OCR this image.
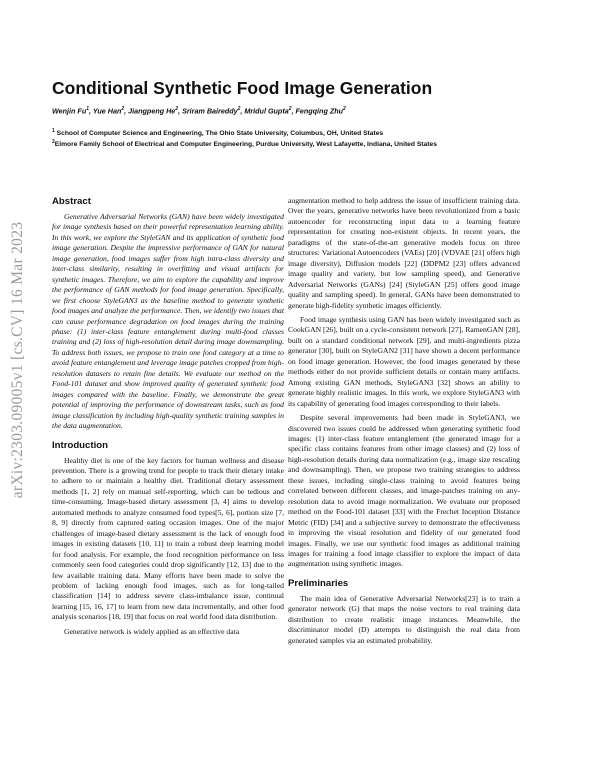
arXiv:2303.09005v1 [cs.CV] 16 Mar 2023
Conditional Synthetic Food Image Generation

Wenjin Fu$^1$, Yue Han$^2$, Jiangpeng He$^2$, Sriram Baireddy$^2$, Mridul Gupta$^2$, Fengqing Zhu$^2$

$^1$ School of Computer Science and Engineering, The Ohio State University, Columbus, OH, United States

$^2$Elmore Family School of Electrical and Computer Engineering, Purdue University, West Lafayette, Indiana, United States

Abstract

Generative Adversarial Networks (GAN) have been widely investigated for image synthesis based on their powerful representation learning ability. In this work, we explore the StyleGAN and its application of synthetic food image generation. Despite the impressive performance of GAN for natural image generation, food images suffer from high intra-class diversity and inter-class similarity, resulting in overfitting and visual artifacts for synthetic images. Therefore, we aim to explore the capability and improve the performance of GAN methods for food image generation. Specifically, we first choose StyleGAN3 as the baseline method to generate synthetic food images and analyze the performance. Then, we identify two issues that can cause performance degradation on food images during the training phase: (1) inter-class feature entanglement during multi-food classes training and (2) loss of high-resolution detail during image downsampling. To address both issues, we propose to train one food category at a time to avoid feature entanglement and leverage image patches cropped from high-resolution datasets to retain fine details. We evaluate our method on the Food-101 dataset and show improved quality of generated synthetic food images compared with the baseline. Finally, we demonstrate the great potential of improving the performance of downstream tasks, such as food image classification by including high-quality synthetic training samples in the data augmentation.

Introduction

Healthy diet is one of the key factors for human wellness and disease prevention. There is a growing trend for people to track their dietary intake to adhere to or maintain a healthy diet. Traditional dietary assessment methods [1, 2] rely on manual self-reporting, which can be tedious and time-consuming. Image-based dietary assessment [3, 4] aims to develop automated methods to analyze consumed food types[5, 6], portion size [7, 8, 9] directly from captured eating occasion images. One of the major challenges of image-based dietary assessment is the lack of enough food images in existing datasets [10, 11] to train a robust deep learning model for food analysis. For example, the food recognition performance on less commonly seen food categories could drop significantly [12, 13] due to the few available training data. Many efforts have been made to solve the problem of lacking enough food images, such as for long-tailed classification [14] to address severe class-imbalance issue, continual learning [15, 16, 17] to learn from new data incrementally, and other food analysis scenarios [18, 19] that focus on real world food data distribution.

Generative network is widely applied as an effective data

augmentation method to help address the issue of insufficient training data. Over the years, generative networks have been revolutionized from a basic autoencoder for reconstructing input data to a learning feature representation for creating non-existent objects. In recent years, the paradigms of the state-of-the-art generative models focus on three structures: Variational Autoencoders (VAEs) [20] (VDVAE [21] offers high image diversity), Diffusion models [22] (DDPM2 [23] offers advanced image quality and variety, but low sampling speed), and Generative Adversarial Networks (GANs) [24] (StyleGAN [25] offers good image quality and sampling speed). In general, GANs have been demonstrated to generate high-fidelity synthetic images efficiently.

Food image synthesis using GAN has been widely investigated such as CookGAN [26], built on a cycle-consistent network [27], RamenGAN [28], built on a standard conditional network [29], and multi-ingredients pizza generator [30], built on StyleGAN2 [31] have shown a decent performance on food image generation. However, the food images generated by these methods either do not provide sufficient details or contain many artifacts. Among existing GAN methods, StyleGAN3 [32] shows an ability to generate highly realistic images. In this work, we explore StyleGAN3 with its capability of generating food images corresponding to their labels.

Despite several improvements had been made in StyleGAN3, we discovered two issues could be addressed when generating synthetic food images: (1) inter-class feature entanglement (the generated image for a specific class contains features from other image classes) and (2) loss of high-resolution details during data normalization (e.g., image size rescaling and downsampling). Then, we propose two training strategies to address these issues, including single-class training to avoid features being correlated between different classes, and image-patches training on any-resolution data to avoid image normalization. We evaluate our proposed method on the Food-101 dataset [33] with the Frechet Inception Distance Metric (FID) [34] and a subjective survey to demonstrate the effectiveness in improving the visual resolution and fidelity of our generated food images. Finally, we use our synthetic food images as additional training images for training a food image classifier to explore the impact of data augmentation using synthetic images.

Preliminaries

The main idea of Generative Adversarial Networks[23] is to train a generator network (G) that maps the noise vectors to real training data distribution to create realistic image instances. Meanwhile, the discriminator model (D) attempts to distinguish the real data from generated samples via an estimated probability.
